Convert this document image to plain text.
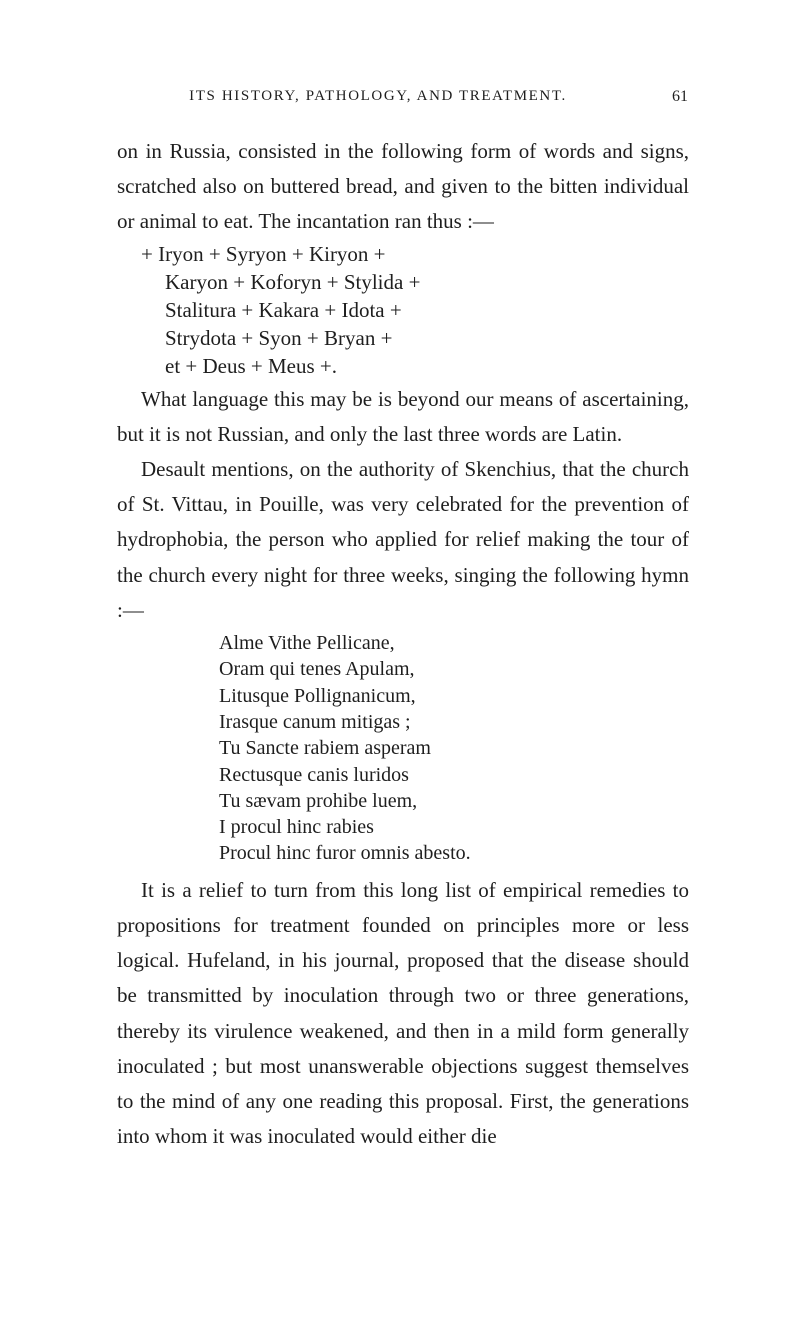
ITS HISTORY, PATHOLOGY, AND TREATMENT.	61

on in Russia, consisted in the following form of words and signs, scratched also on buttered bread, and given to the bitten individual or animal to eat. The incantation ran thus :—

+ Iryon + Syryon + Kiryon +
Karyon + Koforyn + Stylida +
Stalitura + Kakara + Idota +
Strydota + Syon + Bryan +
et + Deus + Meus +.

What language this may be is beyond our means of ascertaining, but it is not Russian, and only the last three words are Latin.

Desault mentions, on the authority of Skenchius, that the church of St. Vittau, in Pouille, was very celebrated for the prevention of hydrophobia, the person who applied for relief making the tour of the church every night for three weeks, singing the following hymn :—

Alme Vithe Pellicane,
Oram qui tenes Apulam,
Litusque Pollignanicum,
Irasque canum mitigas ;
Tu Sancte rabiem asperam
Rectusque canis luridos
Tu sævam prohibe luem,
I procul hinc rabies
Procul hinc furor omnis abesto.

It is a relief to turn from this long list of empirical remedies to propositions for treatment founded on principles more or less logical. Hufeland, in his journal, proposed that the disease should be transmitted by inoculation through two or three generations, thereby its virulence weakened, and then in a mild form generally inoculated ; but most unanswerable objections suggest themselves to the mind of any one reading this proposal. First, the generations into whom it was inoculated would either die
